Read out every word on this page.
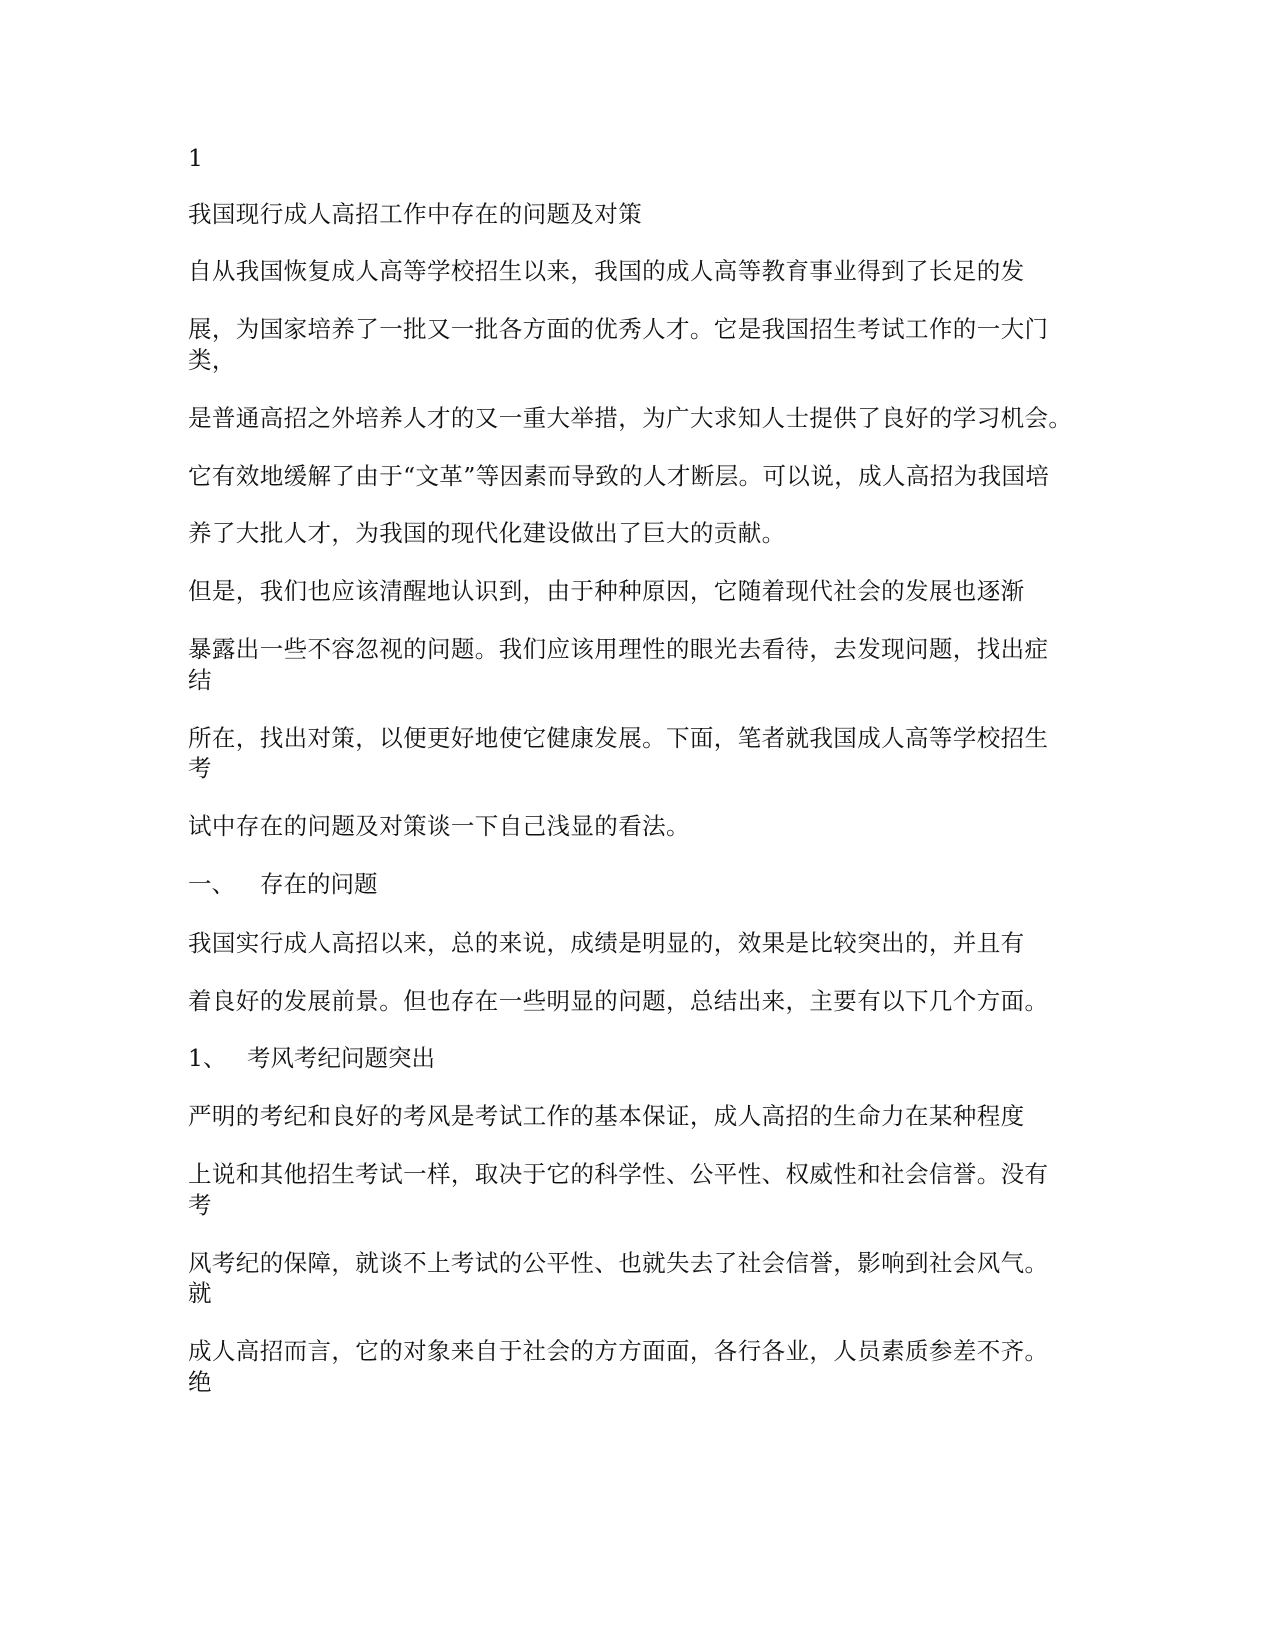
1
我国现行成人高招工作中存在的问题及对策
自从我国恢复成人高等学校招生以来，我国的成人高等教育事业得到了长足的发
展，为国家培养了一批又一批各方面的优秀人才。它是我国招生考试工作的一大门
类，
是普通高招之外培养人才的又一重大举措，为广大求知人士提供了良好的学习机会。
它有效地缓解了由于“文革”等因素而导致的人才断层。可以说，成人高招为我国培
养了大批人才，为我国的现代化建设做出了巨大的贡献。
但是，我们也应该清醒地认识到，由于种种原因，它随着现代社会的发展也逐渐
暴露出一些不容忽视的问题。我们应该用理性的眼光去看待，去发现问题，找出症
结
所在，找出对策，以便更好地使它健康发展。下面，笔者就我国成人高等学校招生
考
试中存在的问题及对策谈一下自己浅显的看法。
一、 存在的问题
我国实行成人高招以来，总的来说，成绩是明显的，效果是比较突出的，并且有
着良好的发展前景。但也存在一些明显的问题，总结出来，主要有以下几个方面。
1、 考风考纪问题突出
严明的考纪和良好的考风是考试工作的基本保证，成人高招的生命力在某种程度
上说和其他招生考试一样，取决于它的科学性、公平性、权威性和社会信誉。没有
考
风考纪的保障，就谈不上考试的公平性、也就失去了社会信誉，影响到社会风气。
就
成人高招而言，它的对象来自于社会的方方面面，各行各业，人员素质参差不齐。
绝
